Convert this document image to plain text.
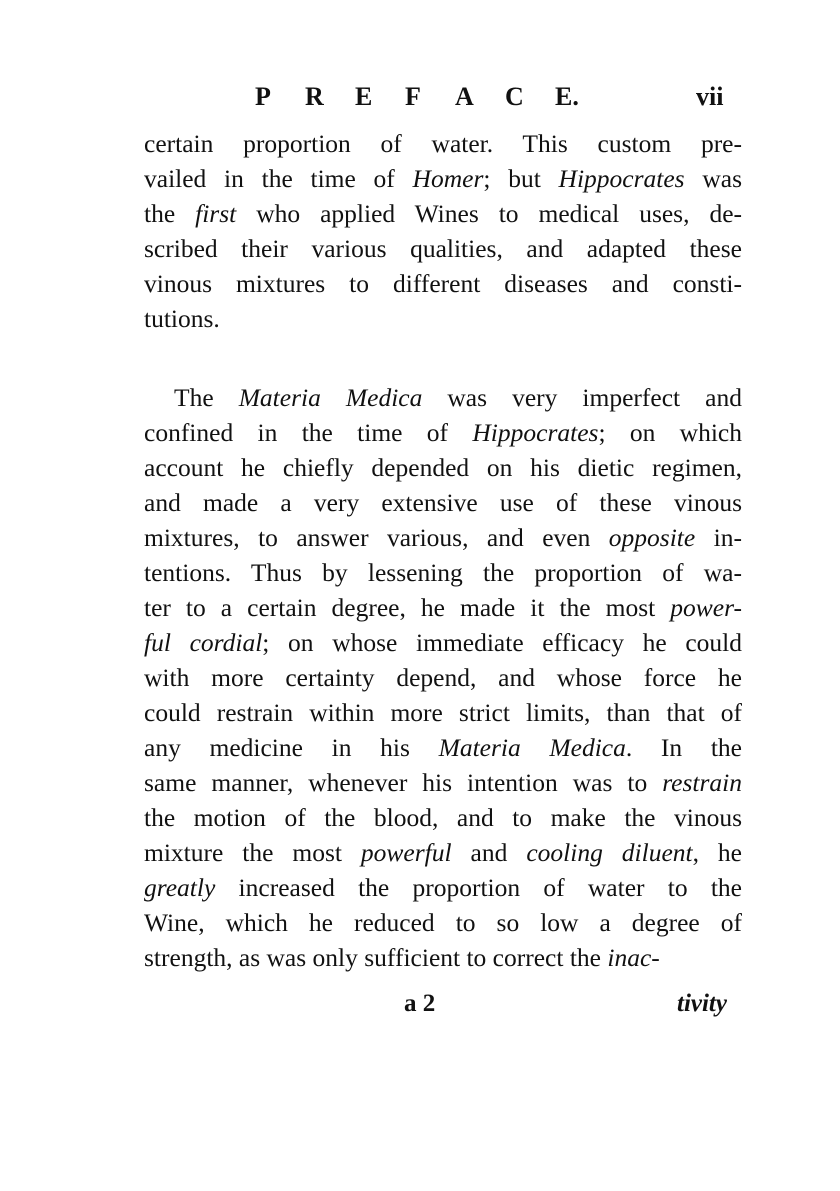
P R E F A C E.	vii
certain proportion of water. This custom pre-
vailed in the time of Homer; but Hippocrates was
the first who applied Wines to medical uses, de-
scribed their various qualities, and adapted these
vinous mixtures to different diseases and consti-
tutions.
The Materia Medica was very imperfect and
confined in the time of Hippocrates; on which
account he chiefly depended on his dietic regimen,
and made a very extensive use of these vinous
mixtures, to answer various, and even opposite in-
tentions. Thus by lessening the proportion of wa-
ter to a certain degree, he made it the most power-
ful cordial; on whose immediate efficacy he could
with more certainty depend, and whose force he
could restrain within more strict limits, than that of
any medicine in his Materia Medica. In the
same manner, whenever his intention was to restrain
the motion of the blood, and to make the vinous
mixture the most powerful and cooling diluent, he
greatly increased the proportion of water to the
Wine, which he reduced to so low a degree of
strength, as was only sufficient to correct the inac-
a 2	tivity
